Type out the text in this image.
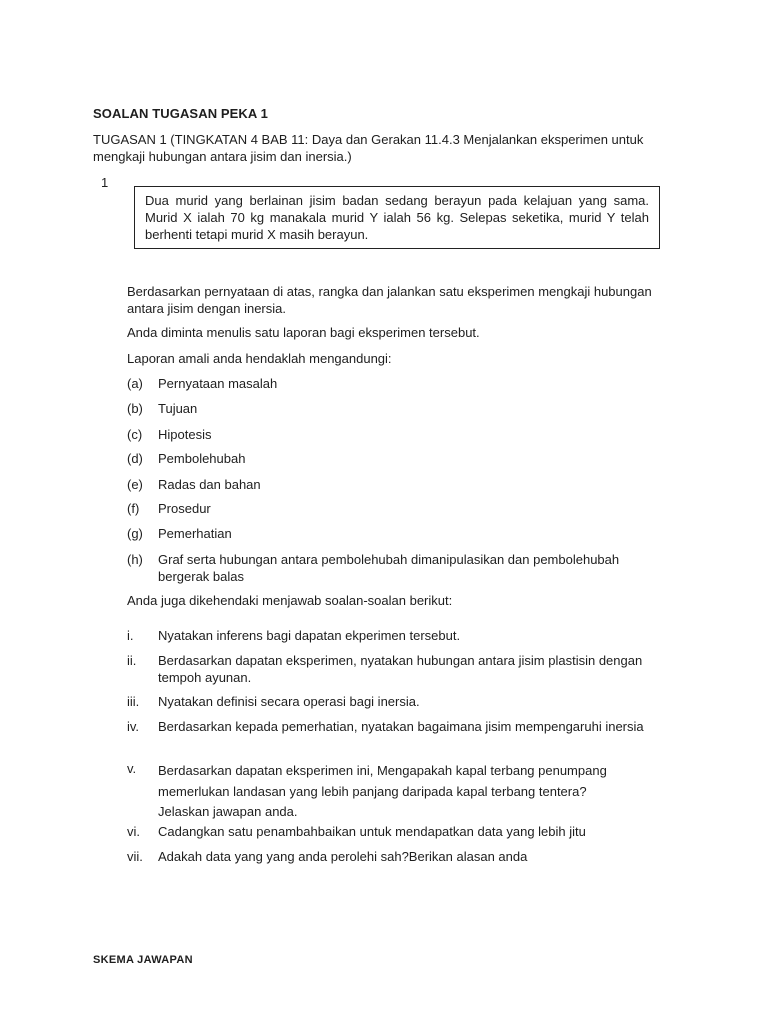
SOALAN TUGASAN PEKA 1

TUGASAN 1 (TINGKATAN 4 BAB 11: Daya dan Gerakan 11.4.3 Menjalankan eksperimen untuk mengkaji hubungan antara jisim dan inersia.)

1

Dua murid yang berlainan jisim badan sedang berayun pada kelajuan yang sama. Murid X ialah 70 kg manakala murid Y ialah 56 kg. Selepas seketika, murid Y telah berhenti tetapi murid X masih berayun.

Berdasarkan pernyataan di atas, rangka dan jalankan satu eksperimen mengkaji hubungan antara jisim dengan inersia.

Anda diminta menulis satu laporan bagi eksperimen tersebut.

Laporan amali anda hendaklah mengandungi:

(a) Pernyataan masalah
(b) Tujuan
(c) Hipotesis
(d) Pembolehubah
(e) Radas dan bahan
(f) Prosedur
(g) Pemerhatian
(h) Graf serta hubungan antara pembolehubah dimanipulasikan dan pembolehubah bergerak balas

Anda juga dikehendaki menjawab soalan-soalan berikut:

i. Nyatakan inferens bagi dapatan ekperimen tersebut.
ii. Berdasarkan dapatan eksperimen, nyatakan hubungan antara jisim plastisin dengan tempoh ayunan.
iii. Nyatakan definisi secara operasi bagi inersia.
iv. Berdasarkan kepada pemerhatian, nyatakan bagaimana jisim mempengaruhi inersia
v. Berdasarkan dapatan eksperimen ini, Mengapakah kapal terbang penumpang memerlukan landasan yang lebih panjang daripada kapal terbang tentera?
Jelaskan jawapan anda.
vi. Cadangkan satu penambahbaikan untuk mendapatkan data yang lebih jitu
vii. Adakah data yang yang anda perolehi sah?Berikan alasan anda

SKEMA JAWAPAN
